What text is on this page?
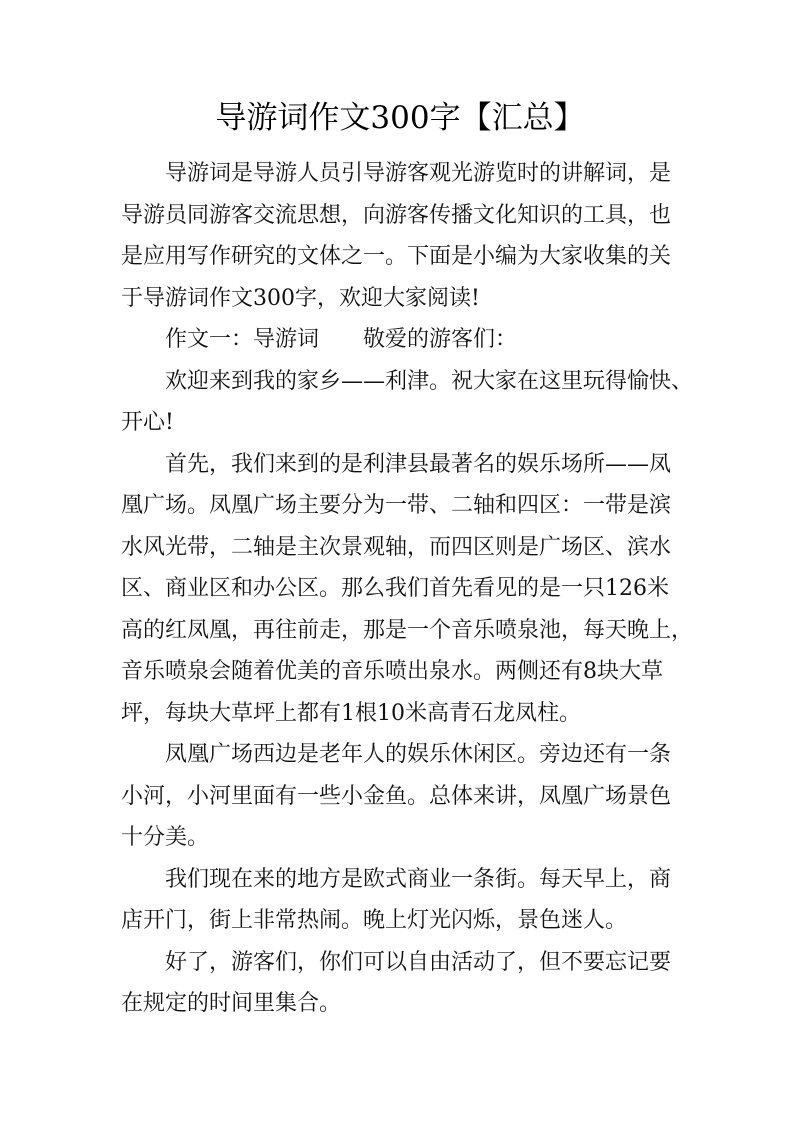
导游词作文300字【汇总】
导游词是导游人员引导游客观光游览时的讲解词，是
导游员同游客交流思想，向游客传播文化知识的工具，也
是应用写作研究的文体之一。下面是小编为大家收集的关
于导游词作文300字，欢迎大家阅读!
作文一：导游词　　敬爱的游客们：
欢迎来到我的家乡——利津。祝大家在这里玩得愉快、
开心!
首先，我们来到的是利津县最著名的娱乐场所——凤
凰广场。凤凰广场主要分为一带、二轴和四区：一带是滨
水风光带，二轴是主次景观轴，而四区则是广场区、滨水
区、商业区和办公区。那么我们首先看见的是一只126米
高的红凤凰，再往前走，那是一个音乐喷泉池，每天晚上，
音乐喷泉会随着优美的音乐喷出泉水。两侧还有8块大草
坪，每块大草坪上都有1根10米高青石龙凤柱。
凤凰广场西边是老年人的娱乐休闲区。旁边还有一条
小河，小河里面有一些小金鱼。总体来讲，凤凰广场景色
十分美。
我们现在来的地方是欧式商业一条街。每天早上，商
店开门，街上非常热闹。晚上灯光闪烁，景色迷人。
好了，游客们，你们可以自由活动了，但不要忘记要
在规定的时间里集合。
